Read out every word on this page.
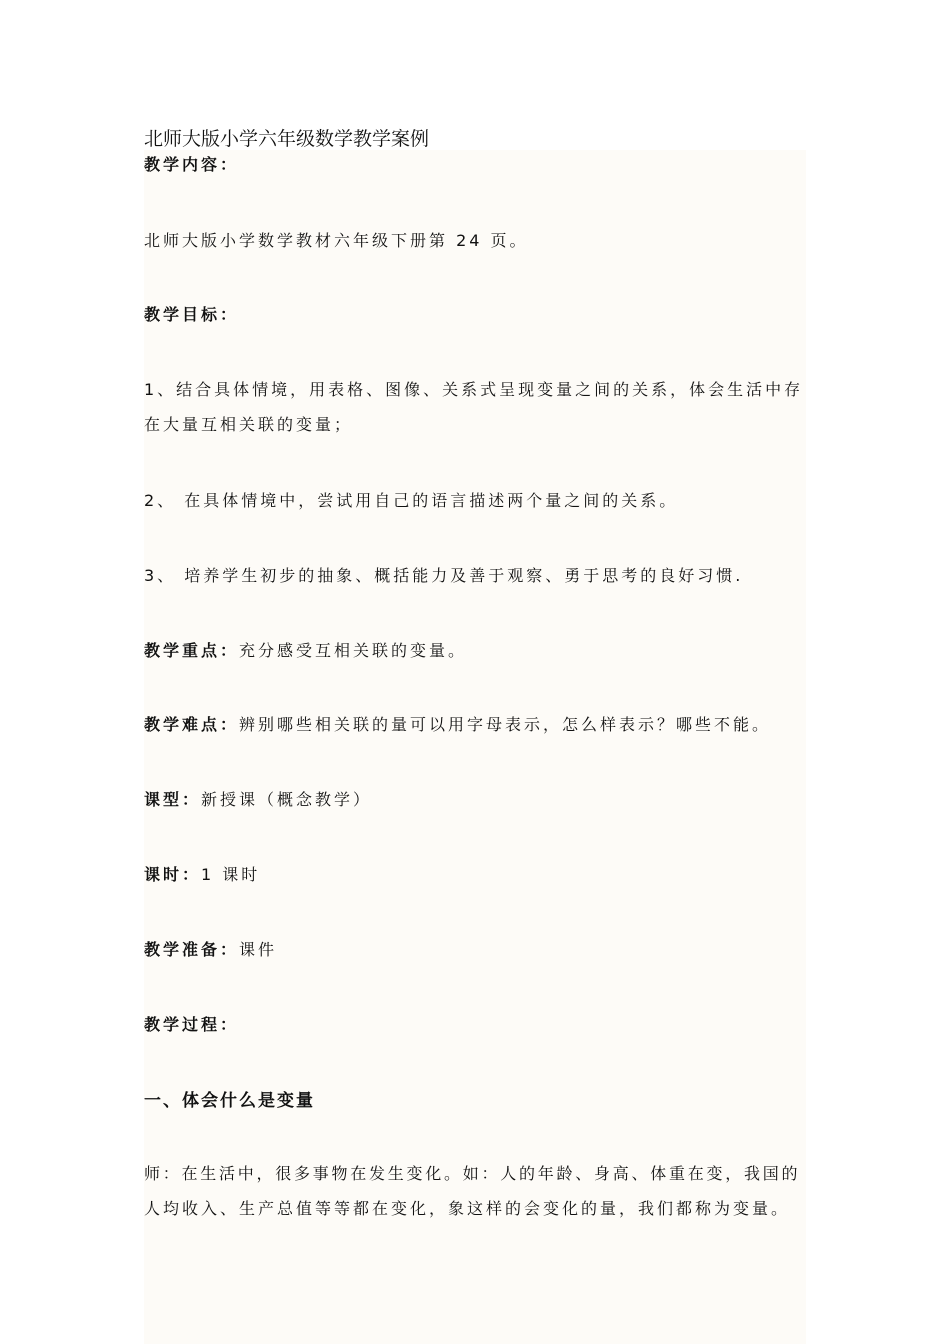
北师大版小学六年级数学教学案例
教学内容：
北师大版小学数学教材六年级下册第 24 页。
教学目标：
1、结合具体情境，用表格、图像、关系式呈现变量之间的关系，体会生活中存
在大量互相关联的变量；
2、 在具体情境中，尝试用自己的语言描述两个量之间的关系。
3、 培养学生初步的抽象、概括能力及善于观察、勇于思考的良好习惯.
教学重点：充分感受互相关联的变量。
教学难点：辨别哪些相关联的量可以用字母表示，怎么样表示？哪些不能。
课型：新授课（概念教学）
课时：1 课时
教学准备：课件
教学过程：
一、体会什么是变量
师：在生活中，很多事物在发生变化。如：人的年龄、身高、体重在变，我国的
人均收入、生产总值等等都在变化，象这样的会变化的量，我们都称为变量。
